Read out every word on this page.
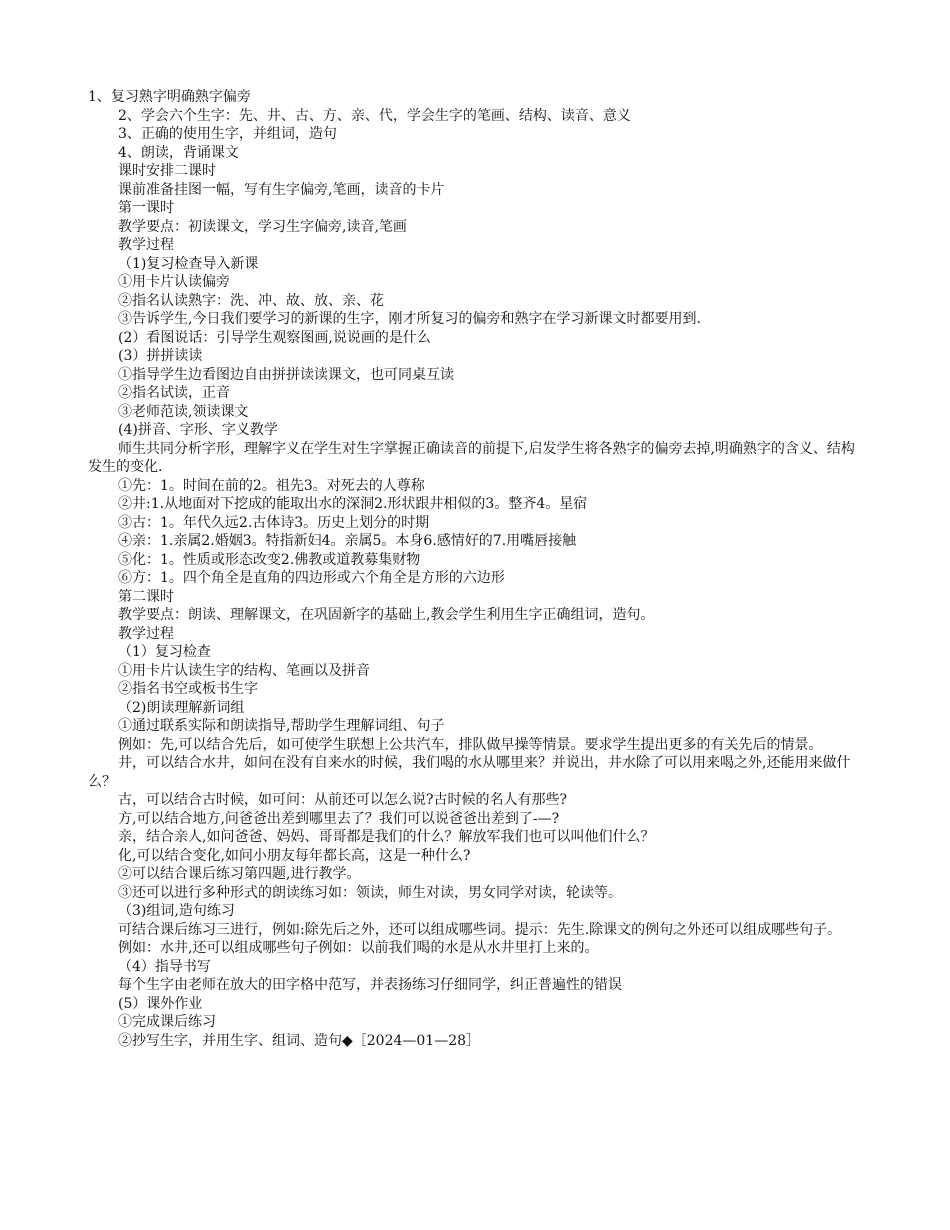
1、复习熟字明确熟字偏旁

2、学会六个生字：先、井、古、方、亲、代，学会生字的笔画、结构、读音、意义

3、正确的使用生字，并组词，造句

4、朗读，背诵课文

课时安排二课时

课前准备挂图一幅，写有生字偏旁,笔画，读音的卡片

第一课时

教学要点：初读课文，学习生字偏旁,读音,笔画

教学过程

（1)复习检查导入新课

①用卡片认读偏旁

②指名认读熟字：洗、冲、故、放、亲、花

③告诉学生,今日我们要学习的新课的生字，刚才所复习的偏旁和熟字在学习新课文时都要用到.

(2）看图说话：引导学生观察图画,说说画的是什么

(3）拼拼读读

①指导学生边看图边自由拼拼读读课文，也可同桌互读

②指名试读，正音

③老师范读,领读课文

(4)拼音、字形、字义教学

师生共同分析字形，理解字义在学生对生字掌握正确读音的前提下,启发学生将各熟字的偏旁去掉,明确熟字的含义、结构发生的变化.

①先：1。时间在前的2。祖先3。对死去的人尊称

②井:1.从地面对下挖成的能取出水的深洞2.形状跟井相似的3。整齐4。星宿

③古：1。年代久远2.古体诗3。历史上划分的时期

④亲：1.亲属2.婚姻3。特指新妇4。亲属5。本身6.感情好的7.用嘴唇接触

⑤化：1。性质或形态改变2.佛教或道教募集财物

⑥方：1。四个角全是直角的四边形或六个角全是方形的六边形

第二课时

教学要点：朗读、理解课文，在巩固新字的基础上,教会学生利用生字正确组词，造句。

教学过程

（1）复习检查

①用卡片认读生字的结构、笔画以及拼音

②指名书空或板书生字

（2)朗读理解新词组

①通过联系实际和朗读指导,帮助学生理解词组、句子

例如：先,可以结合先后，如可使学生联想上公共汽车，排队做早操等情景。要求学生提出更多的有关先后的情景。

井，可以结合水井，如问在没有自来水的时候，我们喝的水从哪里来？并说出，井水除了可以用来喝之外,还能用来做什么？

古，可以结合古时候，如可问：从前还可以怎么说?古时候的名人有那些?

方,可以结合地方,问爸爸出差到哪里去了？我们可以说爸爸出差到了-—?

亲，结合亲人,如问爸爸、妈妈、哥哥都是我们的什么？解放军我们也可以叫他们什么？

化,可以结合变化,如问小朋友每年都长高，这是一种什么?

②可以结合课后练习第四题,进行教学。

③还可以进行多种形式的朗读练习如：领读，师生对读，男女同学对读，轮读等。

（3)组词,造句练习

可结合课后练习三进行，例如:除先后之外，还可以组成哪些词。提示：先生.除课文的例句之外还可以组成哪些句子。

例如：水井,还可以组成哪些句子例如：以前我们喝的水是从水井里打上来的。

（4）指导书写

每个生字由老师在放大的田字格中范写，并表扬练习仔细同学，纠正普遍性的错误

(5）课外作业

①完成课后练习

②抄写生字，并用生字、组词、造句◆［2024—01—28］
